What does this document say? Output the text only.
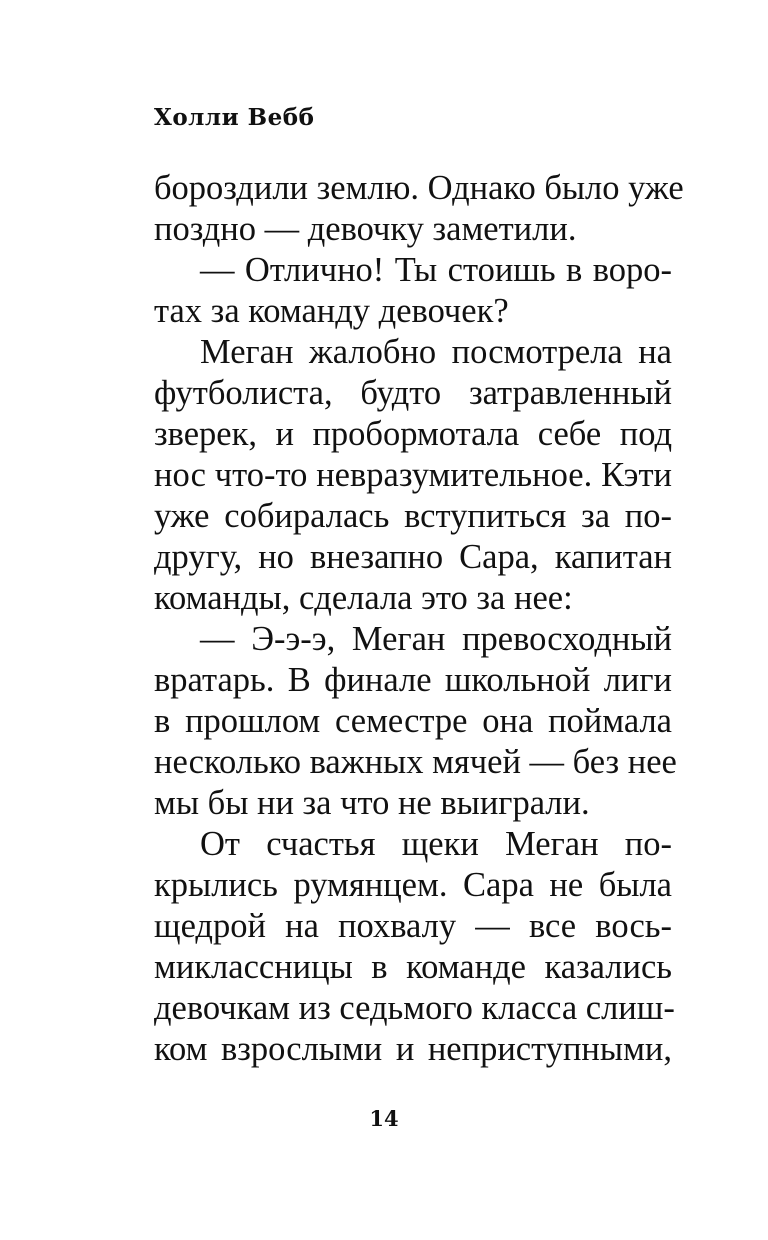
Холли Вебб
бороздили землю. Однако было уже
поздно — девочку заметили.
— Отлично! Ты стоишь в воро-
тах за команду девочек?
Меган жалобно посмотрела на
футболиста, будто затравленный
зверек, и пробормотала себе под
нос что-то невразумительное. Кэти
уже собиралась вступиться за по-
другу, но внезапно Сара, капитан
команды, сделала это за нее:
— Э-э-э, Меган превосходный
вратарь. В финале школьной лиги
в прошлом семестре она поймала
несколько важных мячей — без нее
мы бы ни за что не выиграли.
От счастья щеки Меган по-
крылись румянцем. Сара не была
щедрой на похвалу — все вось-
миклассницы в команде казались
девочкам из седьмого класса слиш-
ком взрослыми и неприступными,
14
